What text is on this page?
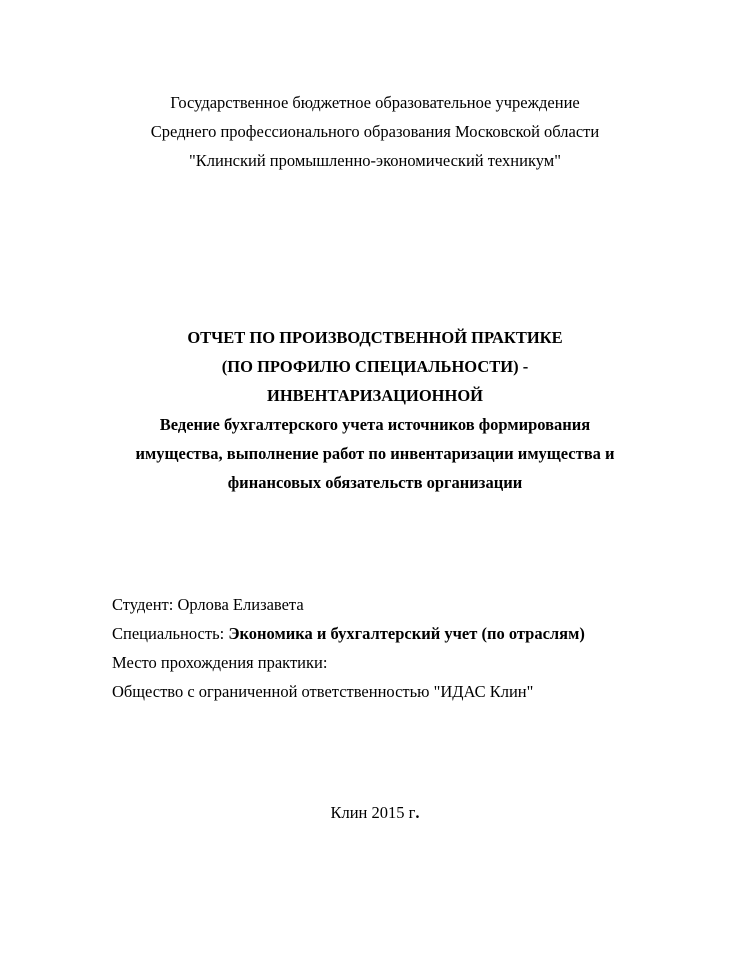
Государственное бюджетное образовательное учреждение
Среднего профессионального образования Московской области
"Клинский промышленно-экономический техникум"
ОТЧЕТ ПО ПРОИЗВОДСТВЕННОЙ ПРАКТИКЕ
(ПО ПРОФИЛЮ СПЕЦИАЛЬНОСТИ) -
ИНВЕНТАРИЗАЦИОННОЙ
Ведение бухгалтерского учета источников формирования
имущества, выполнение работ по инвентаризации имущества и
финансовых обязательств организации
Студент: Орлова Елизавета
Специальность: Экономика и бухгалтерский учет (по отраслям)
Место прохождения практики:
Общество с ограниченной ответственностью "ИДАС Клин"
Клин 2015 г.
